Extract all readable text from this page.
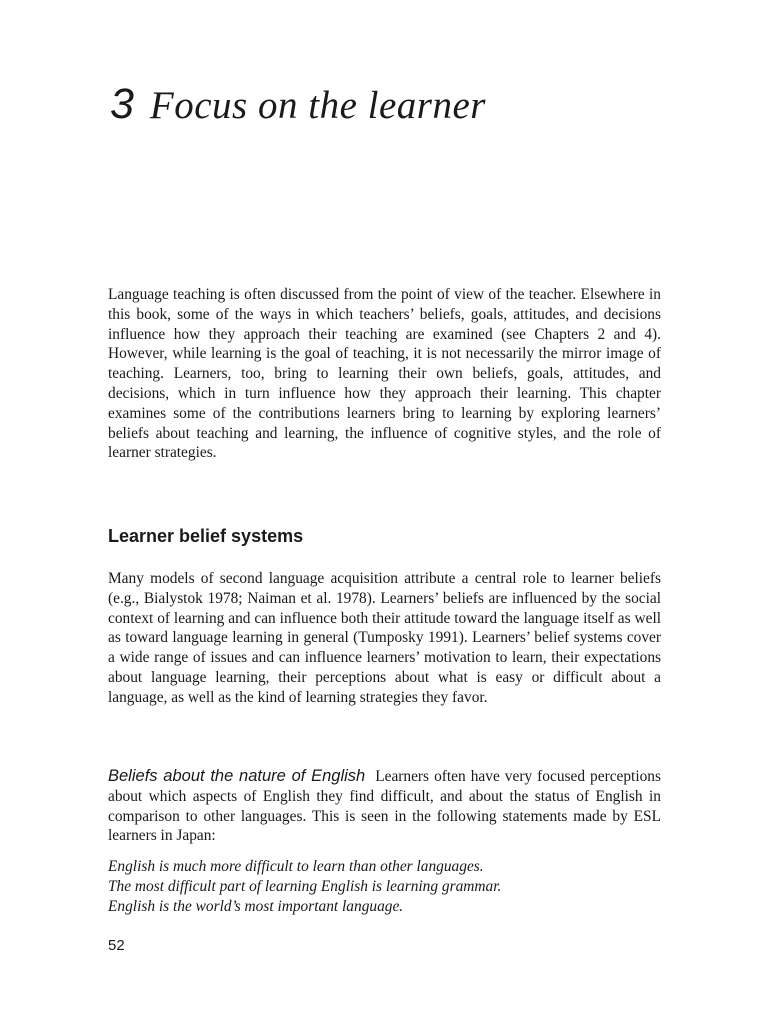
3 Focus on the learner

Language teaching is often discussed from the point of view of the teacher. Elsewhere in this book, some of the ways in which teachers’ beliefs, goals, attitudes, and decisions influence how they approach their teaching are examined (see Chapters 2 and 4). However, while learning is the goal of teaching, it is not necessarily the mirror image of teaching. Learners, too, bring to learning their own beliefs, goals, attitudes, and decisions, which in turn influence how they approach their learning. This chapter examines some of the contributions learners bring to learning by exploring learners’ beliefs about teaching and learning, the influence of cognitive styles, and the role of learner strategies.

Learner belief systems

Many models of second language acquisition attribute a central role to learner beliefs (e.g., Bialystok 1978; Naiman et al. 1978). Learners’ beliefs are influenced by the social context of learning and can influence both their attitude toward the language itself as well as toward language learning in general (Tumposky 1991). Learners’ belief systems cover a wide range of issues and can influence learners’ motivation to learn, their expectations about language learning, their perceptions about what is easy or difficult about a language, as well as the kind of learning strategies they favor.

Beliefs about the nature of English Learners often have very focused perceptions about which aspects of English they find difficult, and about the status of English in comparison to other languages. This is seen in the following statements made by ESL learners in Japan:

English is much more difficult to learn than other languages.
The most difficult part of learning English is learning grammar.
English is the world’s most important language.

52
